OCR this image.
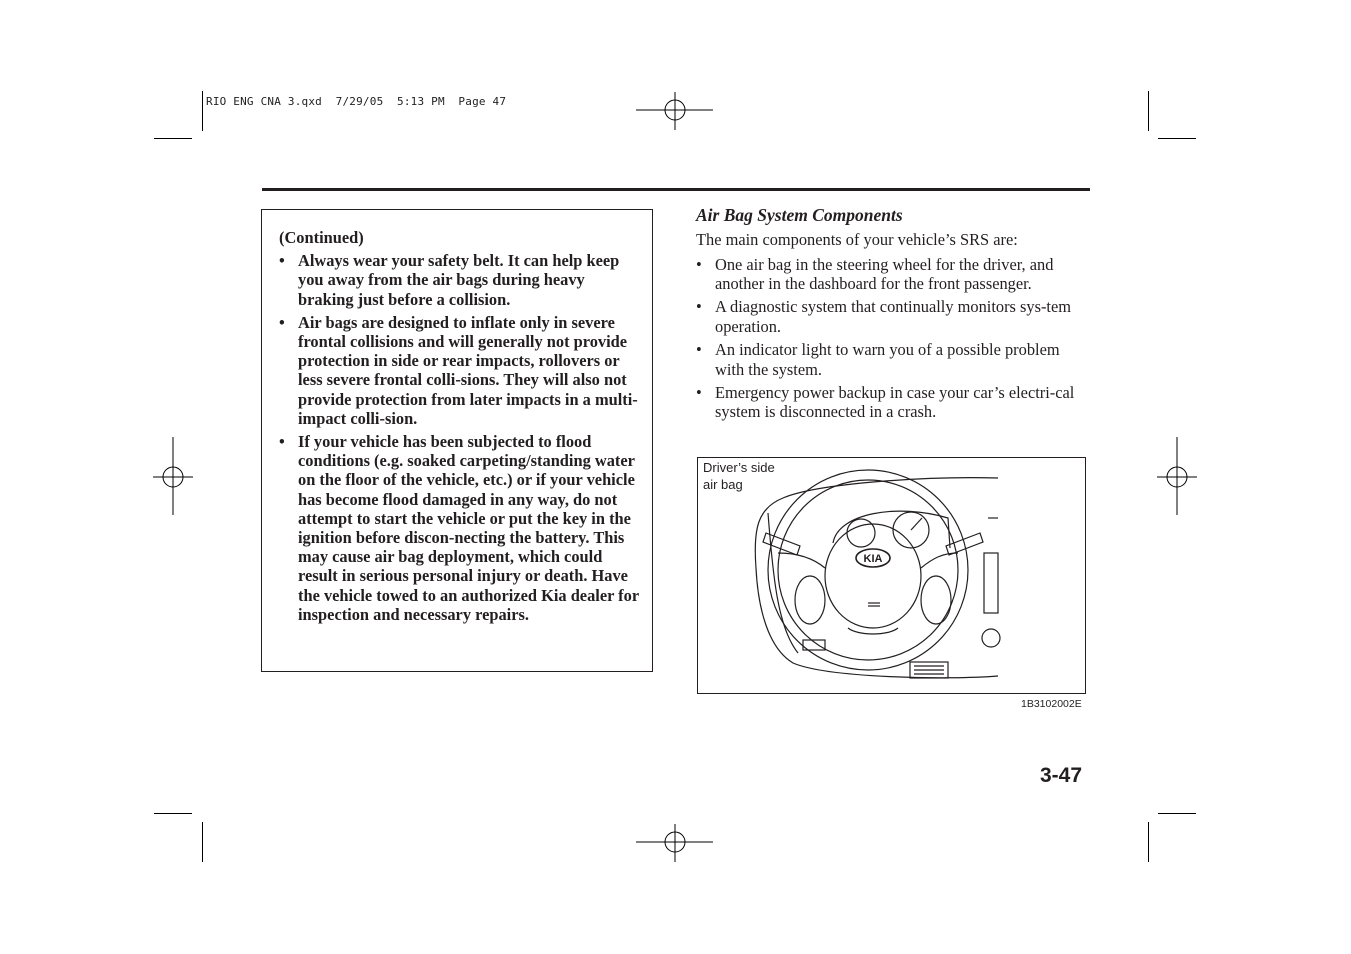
RIO ENG CNA 3.qxd  7/29/05  5:13 PM  Page 47
(Continued)
• Always wear your safety belt. It can help keep you away from the air bags during heavy braking just before a collision.
• Air bags are designed to inflate only in severe frontal collisions and will generally not provide protection in side or rear impacts, rollovers or less severe frontal colli-sions. They will also not provide protection from later impacts in a multi-impact colli-sion.
• If your vehicle has been subjected to flood conditions (e.g. soaked carpeting/standing water on the floor of the vehicle, etc.) or if your vehicle has become flood damaged in any way, do not attempt to start the vehicle or put the key in the ignition before discon-necting the battery. This may cause air bag deployment, which could result in serious personal injury or death. Have the vehicle towed to an authorized Kia dealer for inspection and necessary repairs.
Air Bag System Components
The main components of your vehicle’s SRS are:
• One air bag in the steering wheel for the driver, and another in the dashboard for the front passenger.
• A diagnostic system that continually monitors sys-tem operation.
• An indicator light to warn you of a possible problem with the system.
• Emergency power backup in case your car’s electri-cal system is disconnected in a crash.
Driver’s side
air bag
KIA
1B3102002E
3-47
